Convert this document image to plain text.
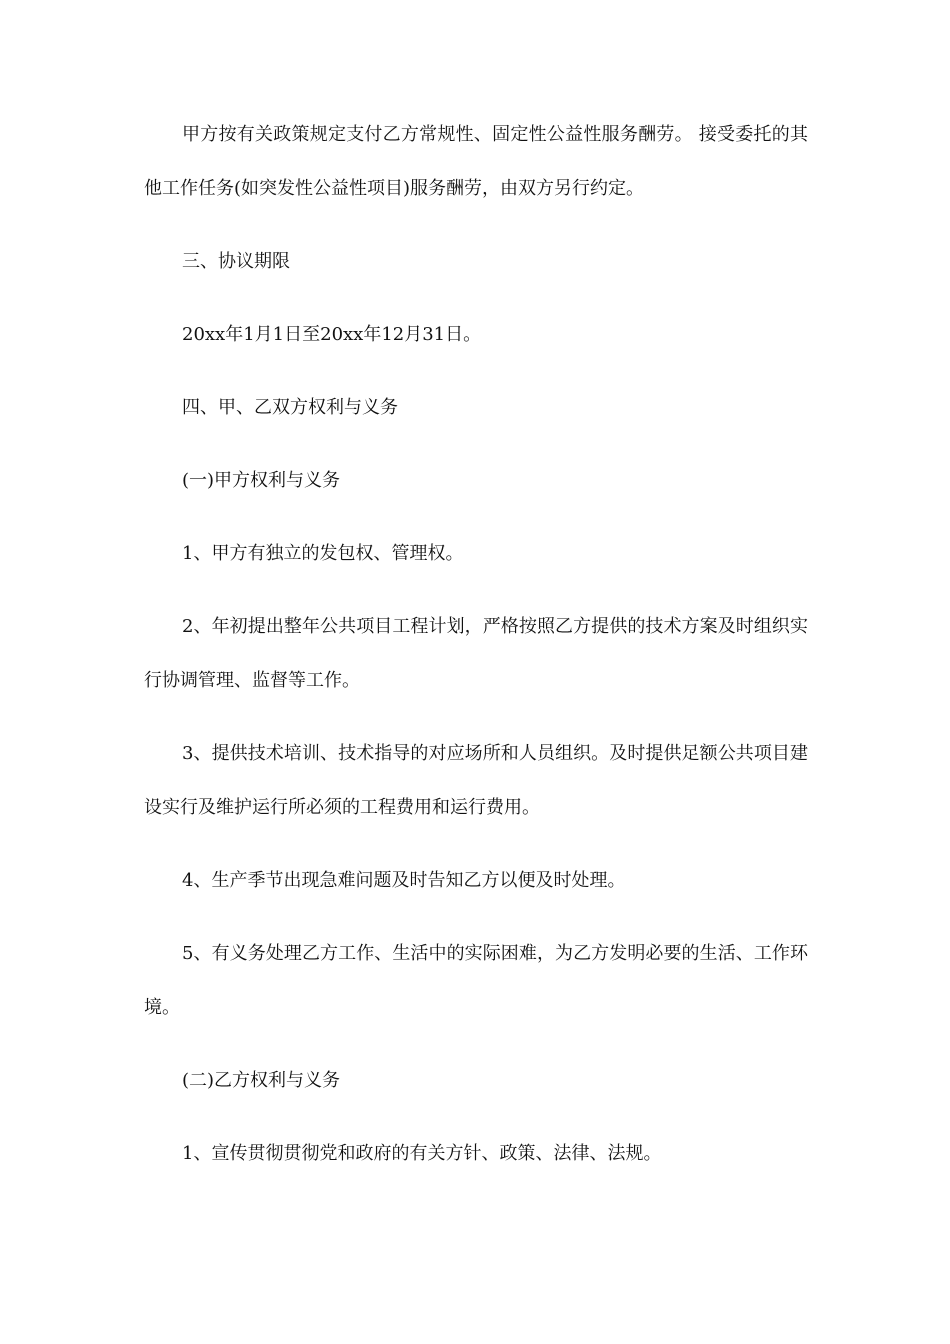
甲方按有关政策规定支付乙方常规性、固定性公益性服务酬劳。 接受委托的其他工作任务(如突发性公益性项目)服务酬劳，由双方另行约定。

三、协议期限

20xx年1月1日至20xx年12月31日。

四、甲、乙双方权利与义务

(一)甲方权利与义务

1、甲方有独立的发包权、管理权。

2、年初提出整年公共项目工程计划，严格按照乙方提供的技术方案及时组织实行协调管理、监督等工作。

3、提供技术培训、技术指导的对应场所和人员组织。及时提供足额公共项目建设实行及维护运行所必须的工程费用和运行费用。

4、生产季节出现急难问题及时告知乙方以便及时处理。

5、有义务处理乙方工作、生活中的实际困难，为乙方发明必要的生活、工作环境。

(二)乙方权利与义务

1、宣传贯彻贯彻党和政府的有关方针、政策、法律、法规。
